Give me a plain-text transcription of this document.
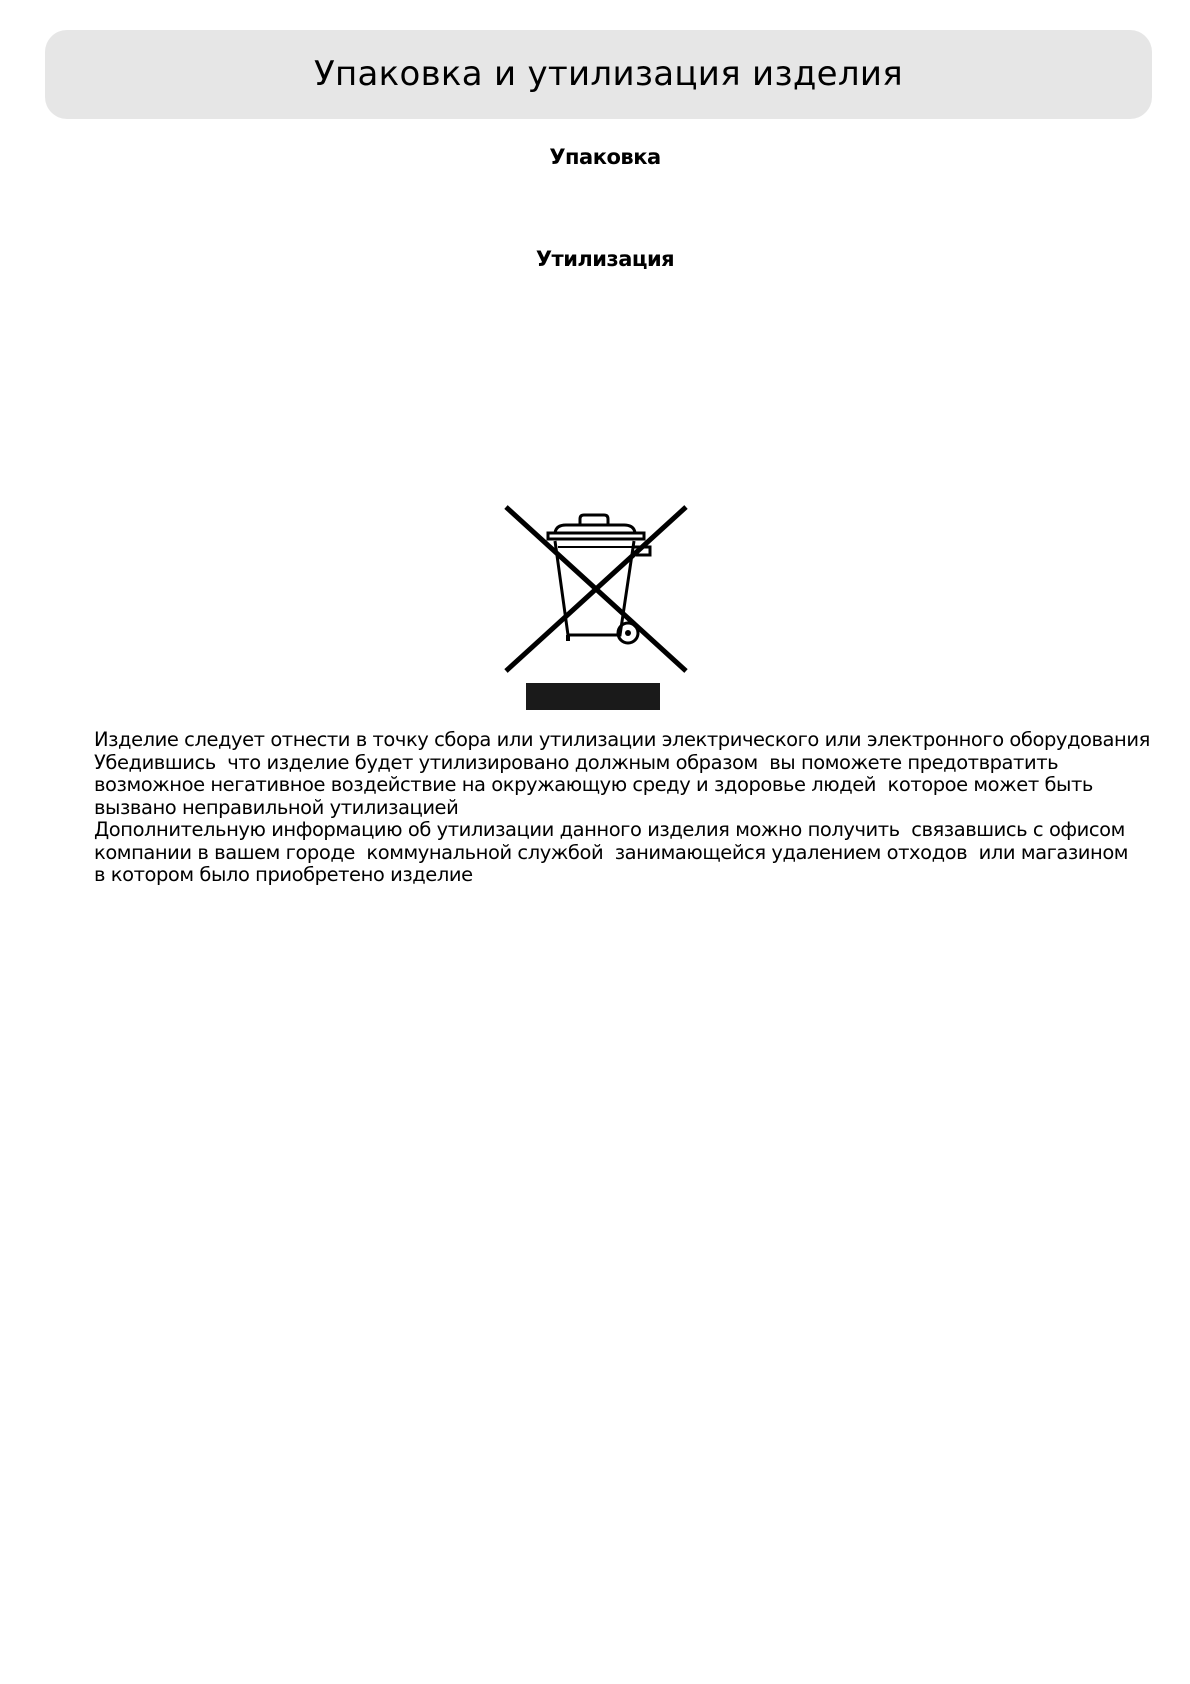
Упаковка и утилизация изделия
Упаковка
Утилизация

Изделие следует отнести в точку сбора или утилизации электрического или электронного оборудования

Убедившись  что изделие будет утилизировано должным образом  вы поможете предотвратить

возможное негативное воздействие на окружающую среду и здоровье людей  которое может быть

вызвано неправильной утилизацией

Дополнительную информацию об утилизации данного изделия можно получить  связавшись с офисом

компании в вашем городе  коммунальной службой  занимающейся удалением отходов  или магазином

в котором было приобретено изделие
